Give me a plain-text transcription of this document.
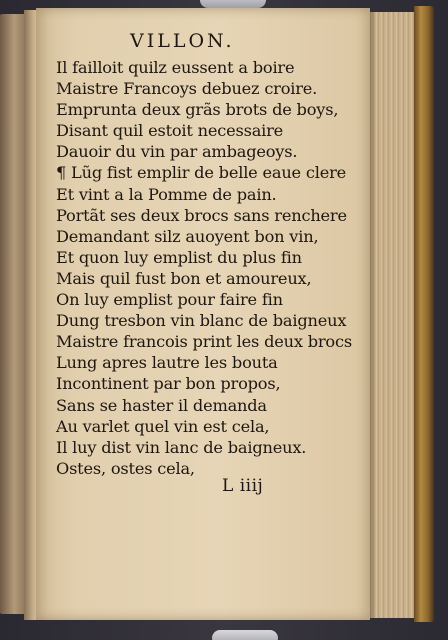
VILLON.
Il failloit quilz eussent a boire
Maistre Francoys debuez croire.
Emprunta deux grãs brots de boys,
Disant quil estoit necessaire
Dauoir du vin par ambageoys.
¶ Lũg fist emplir de belle eaue clere
Et vint a la Pomme de pain.
Portãt ses deux brocs sans renchere
Demandant silz auoyent bon vin,
Et quon luy emplist du plus fin
Mais quil fust bon et amoureux,
On luy emplist pour faire fin
Dung tresbon vin blanc de baigneux
Maistre francois print les deux brocs
Lung apres lautre les bouta
Incontinent par bon propos,
Sans se haster il demanda
Au varlet quel vin est cela,
Il luy dist vin lanc de baigneux.
Ostes, ostes cela,
L iiij
